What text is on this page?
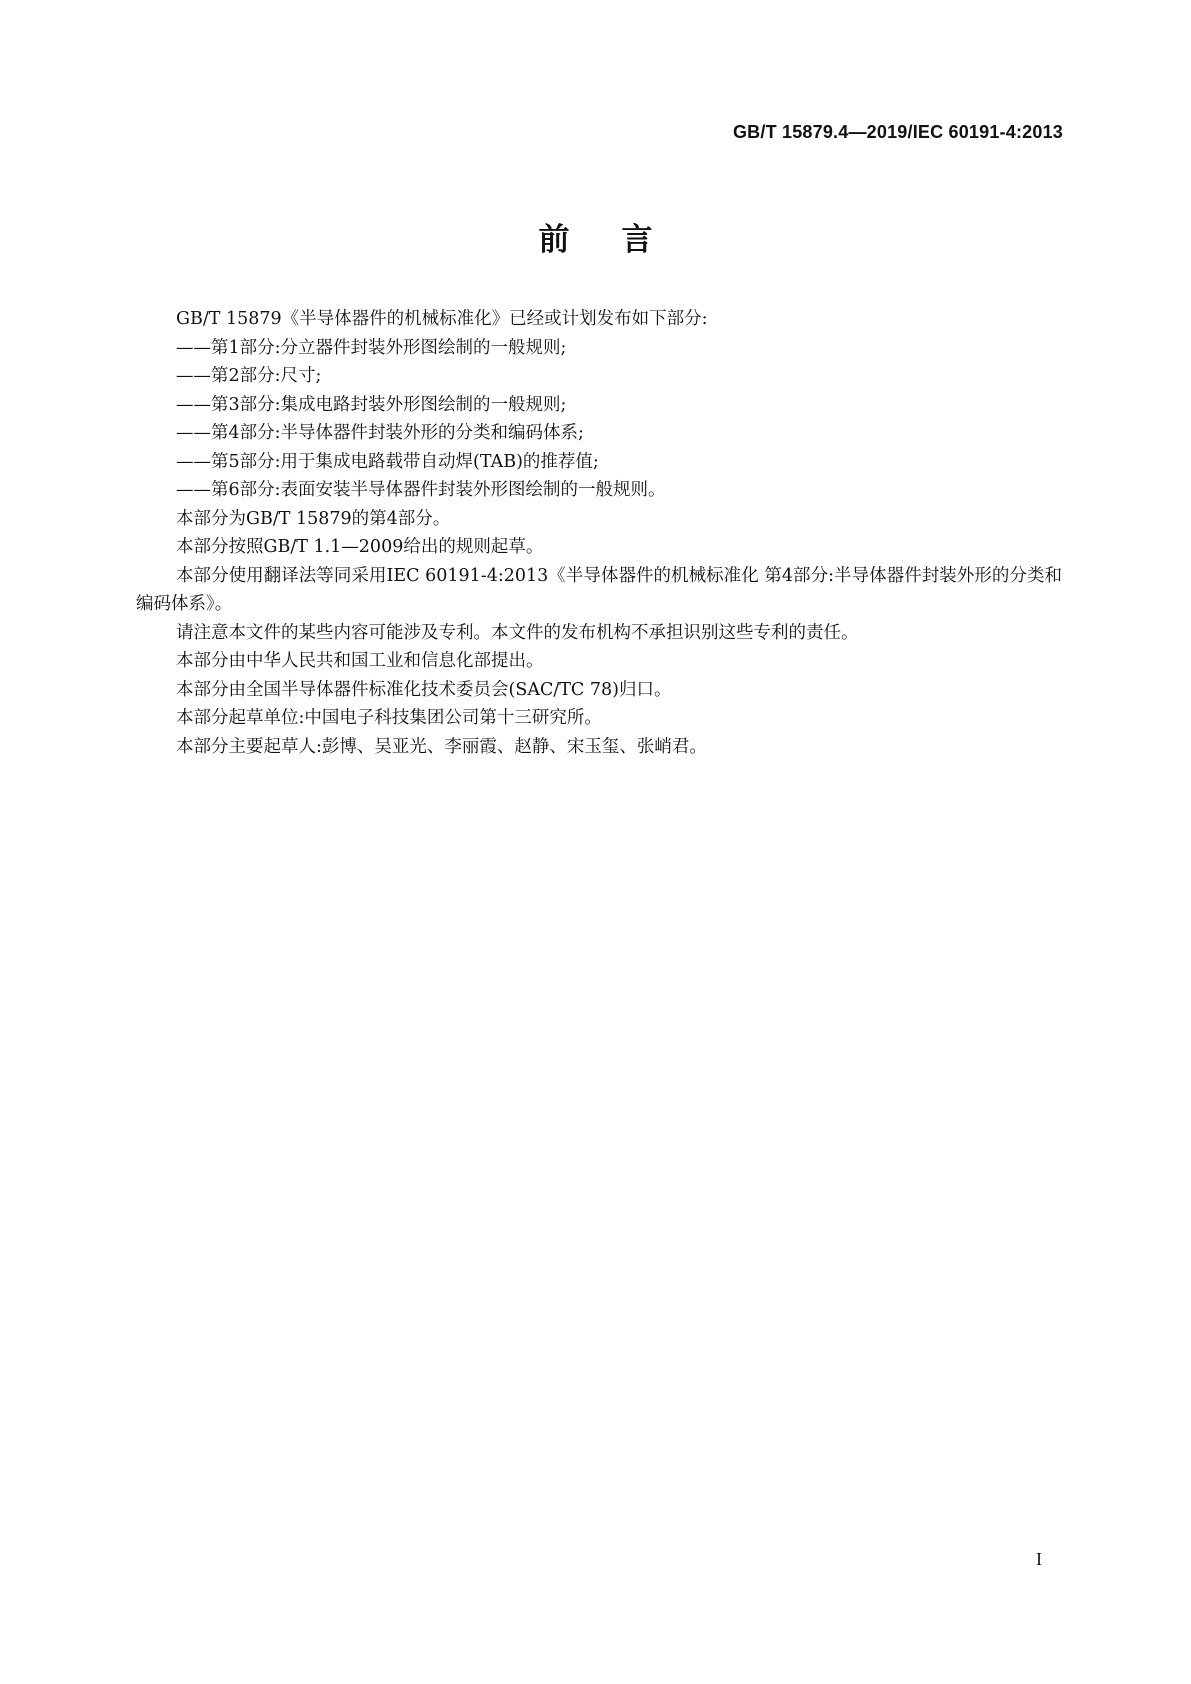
GB/T 15879.4—2019/IEC 60191-4:2013
前言

GB/T 15879《半导体器件的机械标准化》已经或计划发布如下部分:

——第1部分:分立器件封装外形图绘制的一般规则;

——第2部分:尺寸;

——第3部分:集成电路封装外形图绘制的一般规则;

——第4部分:半导体器件封装外形的分类和编码体系;

——第5部分:用于集成电路载带自动焊(TAB)的推荐值;

——第6部分:表面安装半导体器件封装外形图绘制的一般规则。

本部分为GB/T 15879的第4部分。

本部分按照GB/T 1.1—2009给出的规则起草。

本部分使用翻译法等同采用IEC 60191-4:2013《半导体器件的机械标准化 第4部分:半导体器件封装外形的分类和编码体系》。

请注意本文件的某些内容可能涉及专利。本文件的发布机构不承担识别这些专利的责任。

本部分由中华人民共和国工业和信息化部提出。

本部分由全国半导体器件标准化技术委员会(SAC/TC 78)归口。

本部分起草单位:中国电子科技集团公司第十三研究所。

本部分主要起草人:彭博、吴亚光、李丽霞、赵静、宋玉玺、张峭君。

I
